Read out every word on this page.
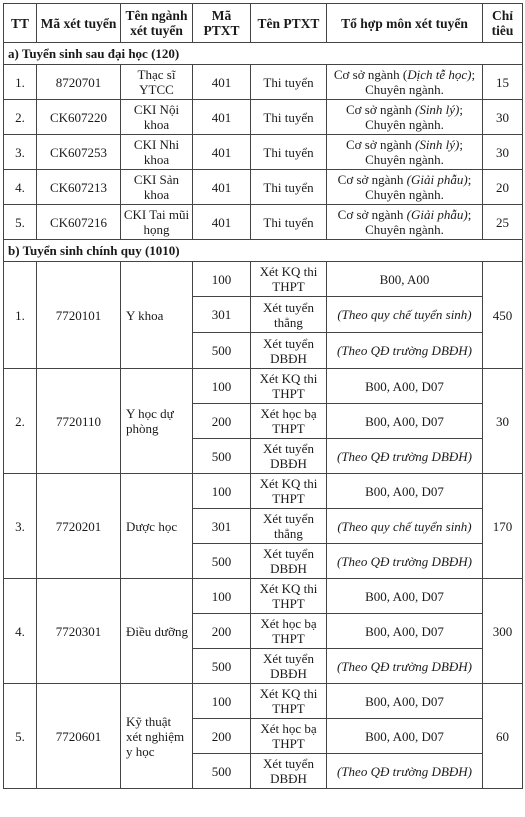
TT	Mã xét tuyển	Tên ngành xét tuyển	Mã PTXT	Tên PTXT	Tổ hợp môn xét tuyển	Chỉ tiêu
a) Tuyển sinh sau đại học (120)						
1.	8720701	Thạc sĩ YTCC	401	Thi tuyển	Cơ sở ngành (Dịch tễ học); Chuyên ngành.	15
2.	CK607220	CKI Nội khoa	401	Thi tuyển	Cơ sở ngành (Sinh lý); Chuyên ngành.	30
3.	CK607253	CKI Nhi khoa	401	Thi tuyển	Cơ sở ngành (Sinh lý); Chuyên ngành.	30
4.	CK607213	CKI Sản khoa	401	Thi tuyển	Cơ sở ngành (Giải phẫu); Chuyên ngành.	20
5.	CK607216	CKI Tai mũi họng	401	Thi tuyển	Cơ sở ngành (Giải phẫu); Chuyên ngành.	25
b) Tuyển sinh chính quy (1010)						
1.	7720101	Y khoa	100	Xét KQ thi THPT	B00, A00	450
			301	Xét tuyển thẳng	(Theo quy chế tuyển sinh)	
			500	Xét tuyển DBĐH	(Theo QĐ trường DBĐH)	
2.	7720110	Y học dự phòng	100	Xét KQ thi THPT	B00, A00, D07	30
			200	Xét học bạ THPT	B00, A00, D07	
			500	Xét tuyển DBĐH	(Theo QĐ trường DBĐH)	
3.	7720201	Dược học	100	Xét KQ thi THPT	B00, A00, D07	170
			301	Xét tuyển thẳng	(Theo quy chế tuyển sinh)	
			500	Xét tuyển DBĐH	(Theo QĐ trường DBĐH)	
4.	7720301	Điều dưỡng	100	Xét KQ thi THPT	B00, A00, D07	300
			200	Xét học bạ THPT	B00, A00, D07	
			500	Xét tuyển DBĐH	(Theo QĐ trường DBĐH)	
5.	7720601	Kỹ thuật xét nghiệm y học	100	Xét KQ thi THPT	B00, A00, D07	60
			200	Xét học bạ THPT	B00, A00, D07	
			500	Xét tuyển DBĐH	(Theo QĐ trường DBĐH)	
